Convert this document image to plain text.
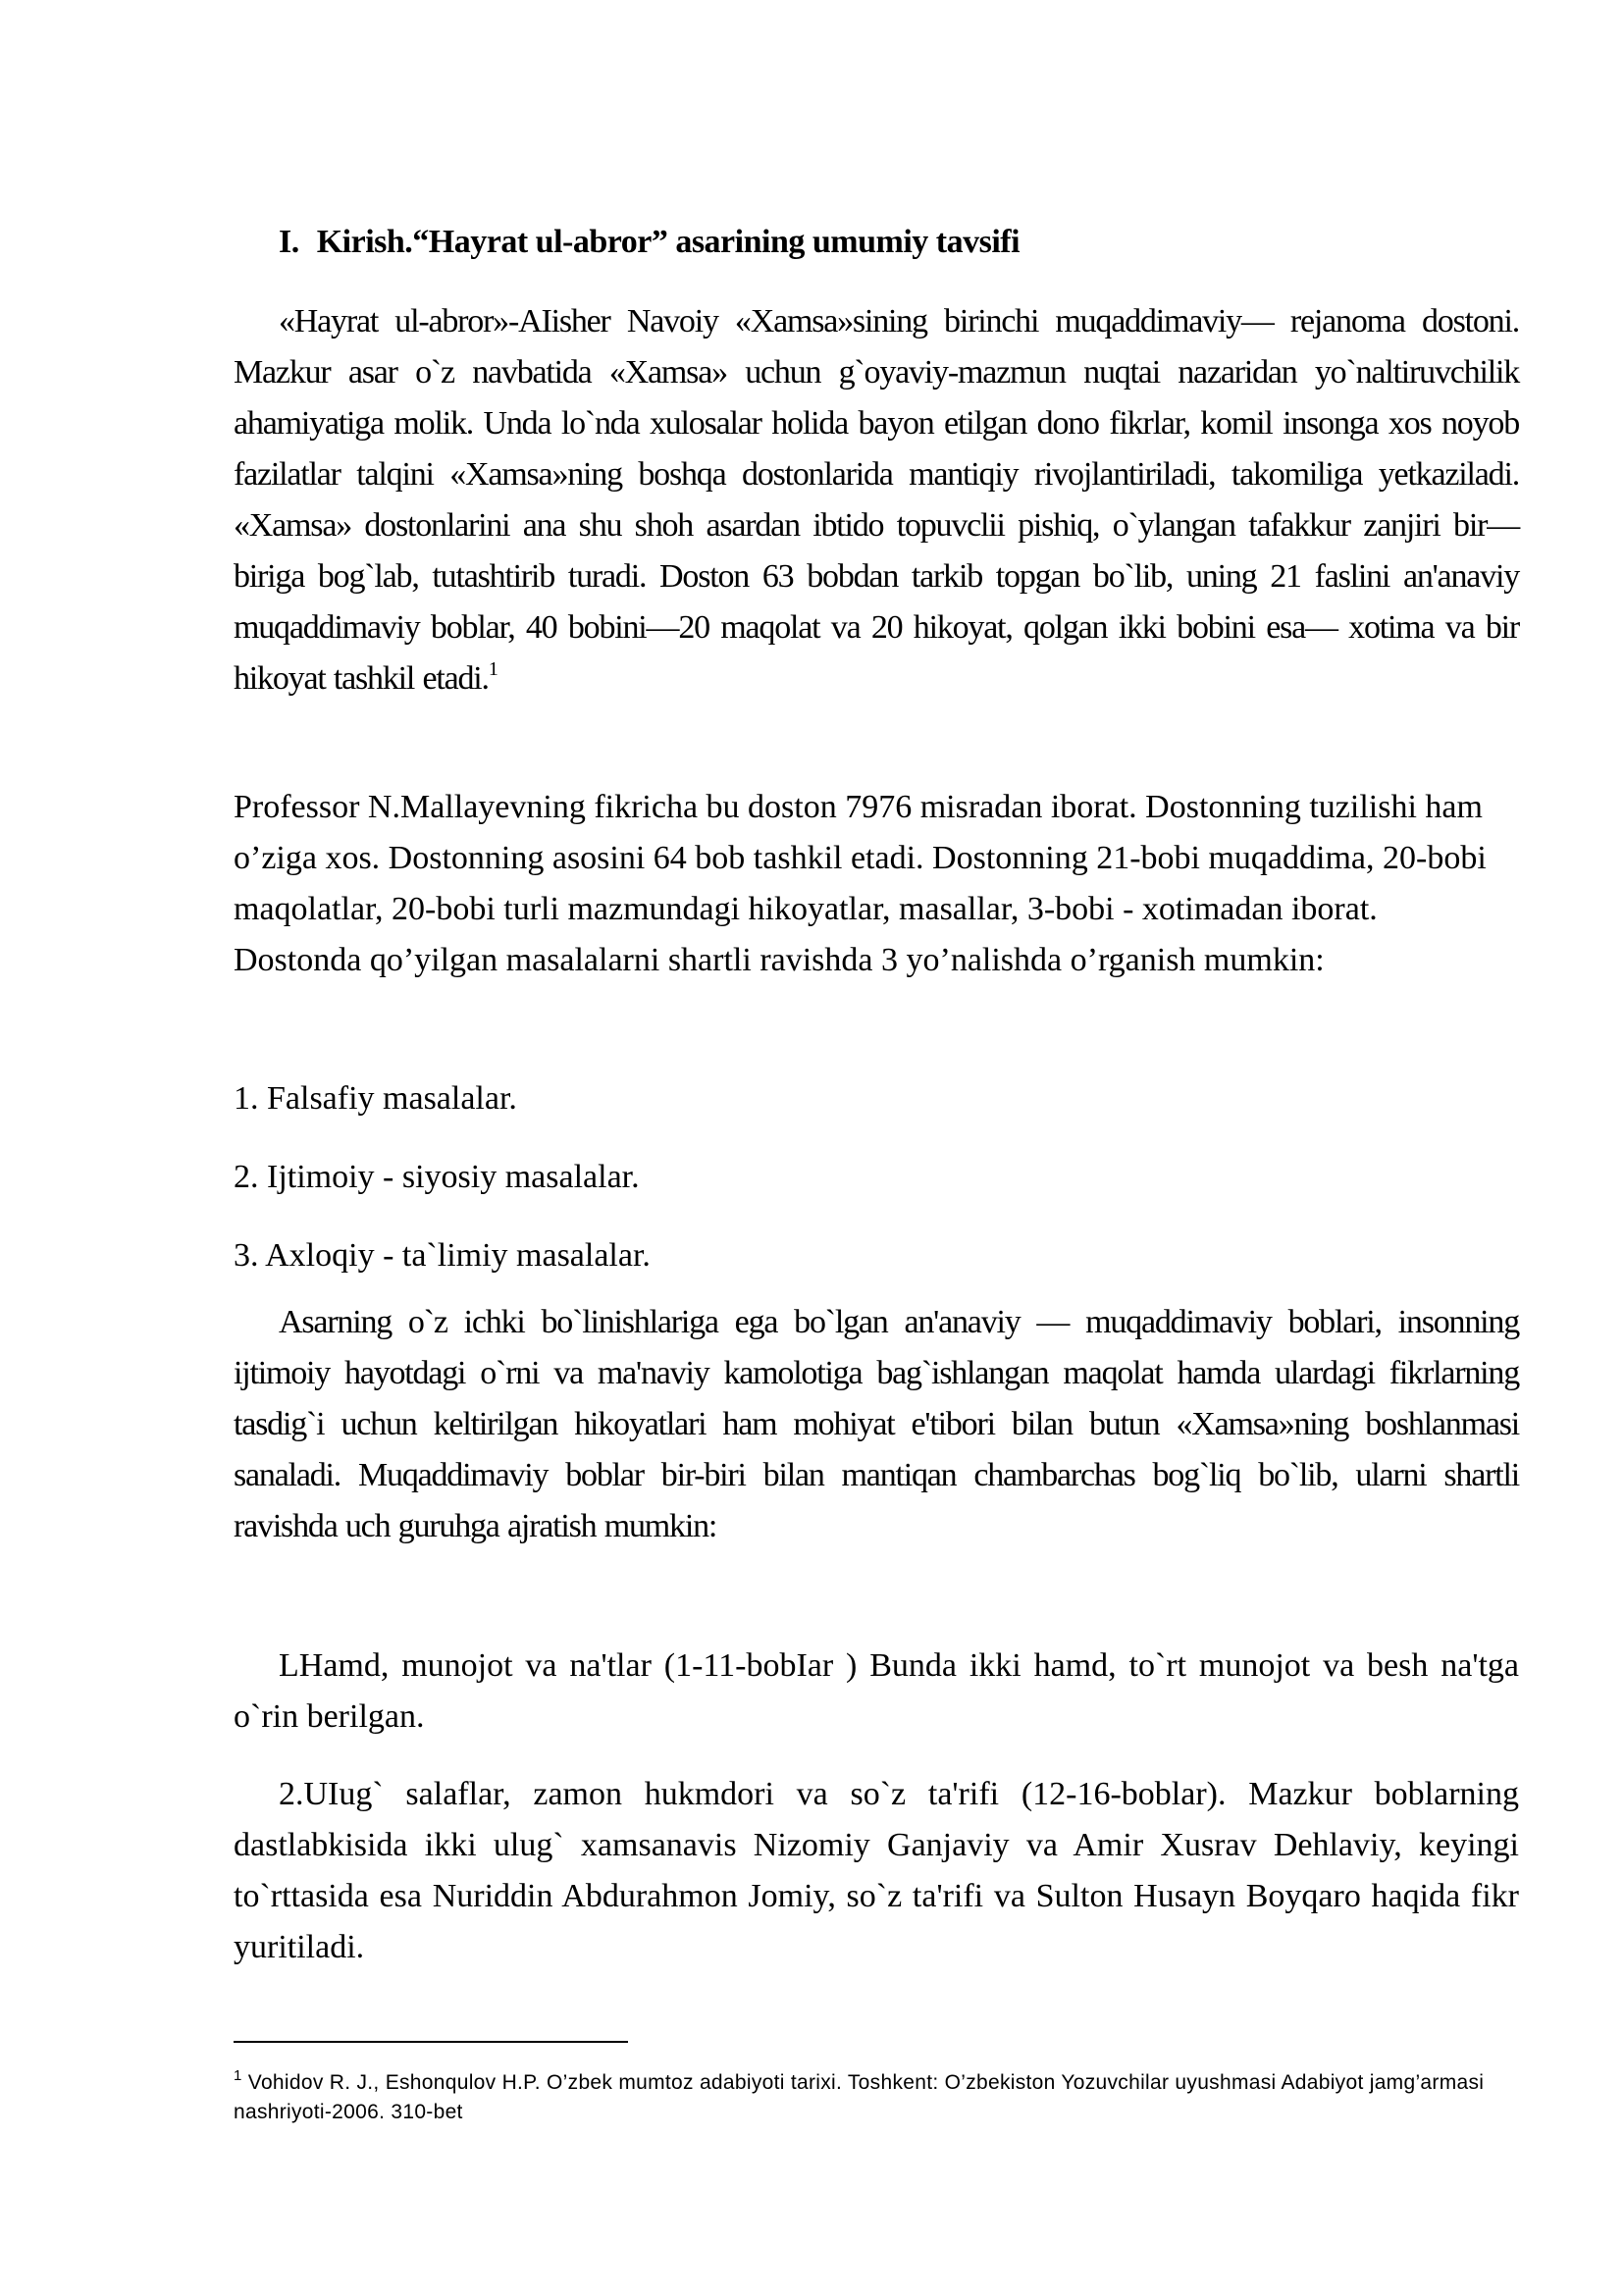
I. Kirish.“Hayrat ul-abror” asarining umumiy tavsifi

«Hayrat ul-abror»-AIisher Navoiy «Xamsa»sining birinchi muqaddimaviy— rejanoma dostoni. Mazkur asar o`z navbatida «Xamsa» uchun g`oyaviy-mazmun nuqtai nazaridan yo`naltiruvchilik ahamiyatiga molik. Unda lo`nda xulosalar holida bayon etilgan dono fikrlar, komil insonga xos noyob fazilatlar talqini «Xamsa»ning boshqa dostonlarida mantiqiy rivojlantiriladi, takomiliga yetkaziladi. «Xamsa» dostonlarini ana shu shoh asardan ibtido topuvclii pishiq, o`ylangan tafakkur zanjiri bir— biriga bog`lab, tutashtirib turadi. Doston 63 bobdan tarkib topgan bo`lib, uning 21 faslini an'anaviy muqaddimaviy boblar, 40 bobini—20 maqolat va 20 hikoyat, qolgan ikki bobini esa— xotima va bir hikoyat tashkil etadi.$^1$

Professor N.Mallayevning fikricha bu doston 7976 misradan iborat. Dostonning tuzilishi ham o’ziga xos. Dostonning asosini 64 bob tashkil etadi. Dostonning 21-bobi muqaddima, 20-bobi maqolatlar, 20-bobi turli mazmundagi hikoyatlar, masallar, 3-bobi - xotimadan iborat. Dostonda qo’yilgan masalalarni shartli ravishda 3 yo’nalishda o’rganish mumkin:

1. Falsafiy masalalar.

2. Ijtimoiy - siyosiy masalalar.

3. Axloqiy - ta`limiy masalalar.

Asarning o`z ichki bo`linishlariga ega bo`lgan an'anaviy — muqaddimaviy boblari, insonning ijtimoiy hayotdagi o`rni va ma'naviy kamolotiga bag`ishlangan maqolat hamda ulardagi fikrlarning tasdig`i uchun keltirilgan hikoyatlari ham mohiyat e'tibori bilan butun «Xamsa»ning boshlanmasi sanaladi. Muqaddimaviy boblar bir-biri bilan mantiqan chambarchas bog`liq bo`lib, ularni shartli ravishda uch guruhga ajratish mumkin:

LHamd, munojot va na'tlar (1-11-bobIar ) Bunda ikki hamd, to`rt munojot va besh na'tga o`rin berilgan.

2.UIug` salaflar, zamon hukmdori va so`z ta'rifi (12-16-boblar). Mazkur boblarning dastlabkisida ikki ulug` xamsanavis Nizomiy Ganjaviy va Amir Xusrav Dehlaviy, keyingi to`rttasida esa Nuriddin Abdurahmon Jomiy, so`z ta'rifi va Sulton Husayn Boyqaro haqida fikr yuritiladi.

$^1$ Vohidov R. J., Eshonqulov H.P. O’zbek mumtoz adabiyoti tarixi. Toshkent: O’zbekiston Yozuvchilar uyushmasi Adabiyot jamg’armasi nashriyoti-2006. 310-bet
